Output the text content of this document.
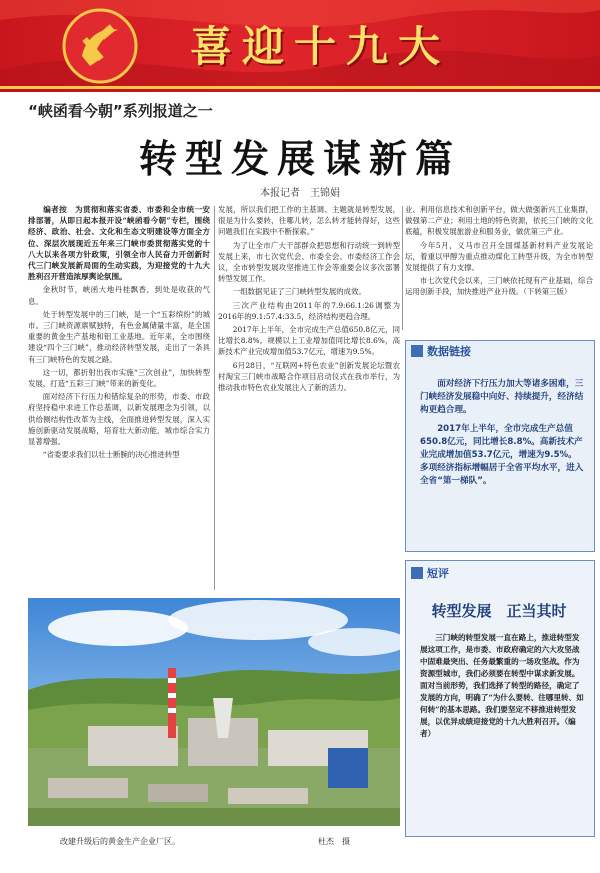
喜迎十九大
“峡函看今朝”系列报道之一
转型发展谋新篇
本报记者　王锦娟

编者按　为贯彻和落实省委、市委和全市统一安排部署，从即日起本报开设“峡函看今朝”专栏，围绕经济、政治、社会、文化和生态文明建设等方面全方位、深层次展现近五年来三门峡市委贯彻落实党的十八大以来各项方针政策，引领全市人民奋力开创新时代三门峡发展新局面的生动实践，为迎接党的十九大胜利召开营造浓厚舆论氛围。

金秋时节，峡函大地丹桂飘香，到处是收获的气息。

处于转型发展中的三门峡，是一个“五彩缤纷”的城市。三门峡资源禀赋独特，有色金属储量丰富，是全国重要的黄金生产基地和铝工业基地。近年来，全市围绕建设“四个三门峡”，推动经济转型发展，走出了一条具有三门峡特色的发展之路。

这一切，都折射出我市实施“三次创业”，加快转型发展，打造“五彩三门峡”带来的新变化。

面对经济下行压力和错综复杂的形势，市委、市政府坚持稳中求进工作总基调，以新发展理念为引领，以供给侧结构性改革为主线，全面推进转型发展，深入实施创新驱动发展战略，培育壮大新动能，城市综合实力显著增强。

“省委要求我们以壮士断腕的决心推进转型

发展，所以我们把工作的主基调、主题就是转型发展，很是为什么要转，往哪儿转，怎么转才能转得好，这些问题我们在实践中不断探索。”

为了让全市广大干部群众把思想和行动统一到转型发展上来，市七次党代会、市委全会、市委经济工作会议，全市转型发展攻坚推进工作会等重要会议多次部署转型发展工作。

一组数据见证了三门峡转型发展的成效。

三次产业结构由2011年的7.9:66.1:26调整为2016年的9.1:57.4:33.5，经济结构更趋合理。

2017年上半年，全市完成生产总值650.8亿元，同比增长8.8%。规模以上工业增加值同比增长8.6%，高新技术产业完成增加值53.7亿元，增速为9.5%。

6月28日，“互联网+特色农业”创新发展论坛暨农村淘宝三门峡市战略合作项目启动仪式在我市举行，为推动我市特色农业发展注入了新的活力。

业、利用信息技术和创新平台，做大做强新兴工业集群，做强第二产业；利用土地的特色资源，依托三门峡的文化底蕴，积极发展旅游业和服务业，做优第三产业。

今年5月，义马市召开全国煤基新材料产业发展论坛，着重以甲醇为重点推动煤化工转型升级，为全市转型发展提供了有力支撑。

市七次党代会以来，三门峡依托现有产业基础，综合运用创新手段，加快推进产业升级。（下转第三版）

改建升级后的黄金生产企业厂区。	杜杰　摄
数据链接

面对经济下行压力加大等诸多困难，三门峡经济发展稳中向好、持续提升，经济结构更趋合理。

2017年上半年，全市完成生产总值650.8亿元，同比增长8.8%。高新技术产业完成增加值53.7亿元，增速为9.5%。多项经济指标增幅居于全省平均水平，进入全省“第一梯队”。

短评
转型发展　正当其时

三门峡的转型发展一直在路上，推进转型发展这项工作，是市委、市政府确定的六大攻坚战中固难最突出、任务最繁重的一场攻坚战。作为资源型城市，我们必须要在转型中谋求新发展。面对当前形势，我们选择了转型的路径，确定了发展的方向，明确了“为什么要转、往哪里转、如何转”的基本思路。我们要坚定不移推进转型发展，以优异成绩迎接党的十九大胜利召开。（编者）
